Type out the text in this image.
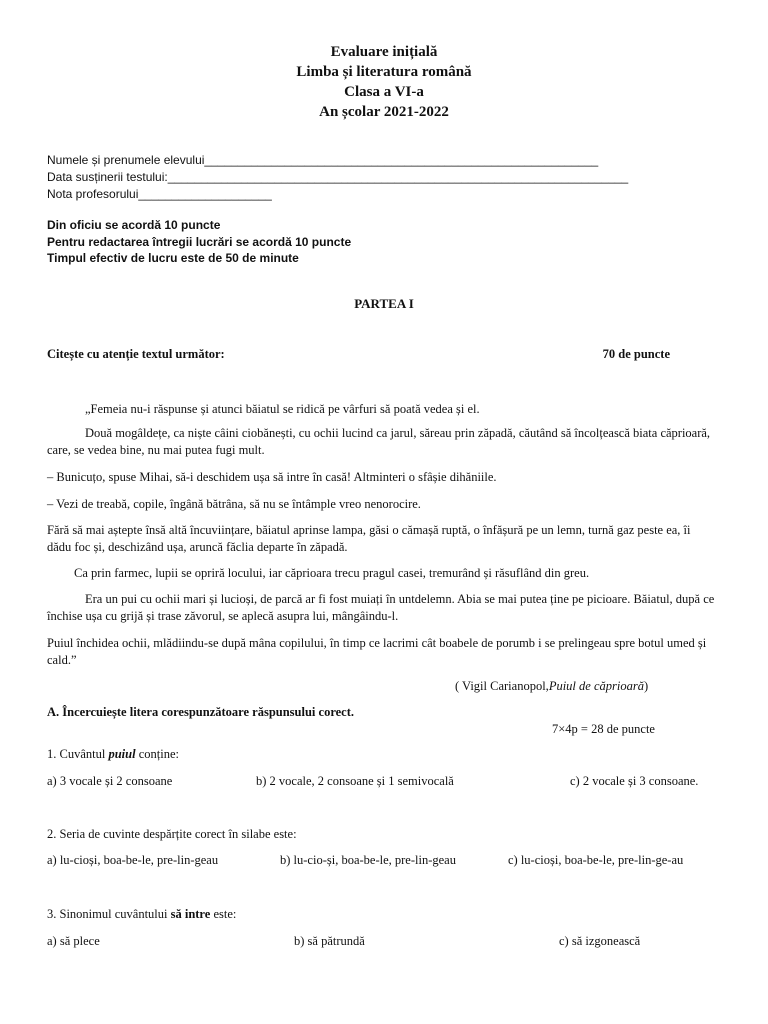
Evaluare inițială
Limba și literatura română
Clasa a VI-a
An școlar 2021-2022
Numele și prenumele elevului___________________________________________________________
Data susținerii testului:_____________________________________________________________________
Nota profesorului____________________
Din oficiu se acordă 10 puncte
Pentru redactarea întregii lucrări se acordă 10 puncte
Timpul efectiv de lucru este de 50 de minute
PARTEA I
Citește cu atenție textul următor:	70 de puncte
„Femeia nu-i răspunse și atunci băiatul se ridică pe vârfuri să poată vedea și el.
Două mogâldețe, ca niște câini ciobănești, cu ochii lucind ca jarul, săreau prin zăpadă, căutând să încolțească biata căprioară, care, se vedea bine, nu mai putea fugi mult.
– Bunicuțo, spuse Mihai, să-i deschidem ușa să intre în casă! Altminteri o sfâșie dihăniile.
– Vezi de treabă, copile, îngână bătrâna, să nu se întâmple vreo nenorocire.
Fără să mai aștepte însă altă încuviințare, băiatul aprinse lampa, găsi o cămașă ruptă, o înfășură pe un lemn, turnă gaz peste ea, îi dădu foc și, deschizând ușa, aruncă făclia departe în zăpadă.
Ca prin farmec, lupii se opriră locului, iar căprioara trecu pragul casei, tremurând și răsuflând din greu.
Era un pui cu ochii mari și lucioși, de parcă ar fi fost muiați în untdelemn. Abia se mai putea ține pe picioare. Băiatul, după ce închise ușa cu grijă și trase zăvorul, se aplecă asupra lui, mângâindu-l.
Puiul închidea ochii, mlădiindu-se după mâna copilului, în timp ce lacrimi cât boabele de porumb i se prelingeau spre botul umed și cald.”
( Vigil Carianopol,Puiul de căprioară)
A. Încercuiește litera corespunzătoare răspunsului corect.
7×4p = 28 de puncte
1. Cuvântul puiul conține:
a) 3 vocale și 2 consoane	b) 2 vocale, 2 consoane și 1 semivocală	c) 2 vocale și 3 consoane.
2. Seria de cuvinte despărțite corect în silabe este:
a) lu-cioși, boa-be-le, pre-lin-geau	b) lu-cio-și, boa-be-le, pre-lin-geau	c) lu-cioși, boa-be-le, pre-lin-ge-au
3. Sinonimul cuvântului să intre este:
a) să plece	b) să pătrundă	c) să izgonească
